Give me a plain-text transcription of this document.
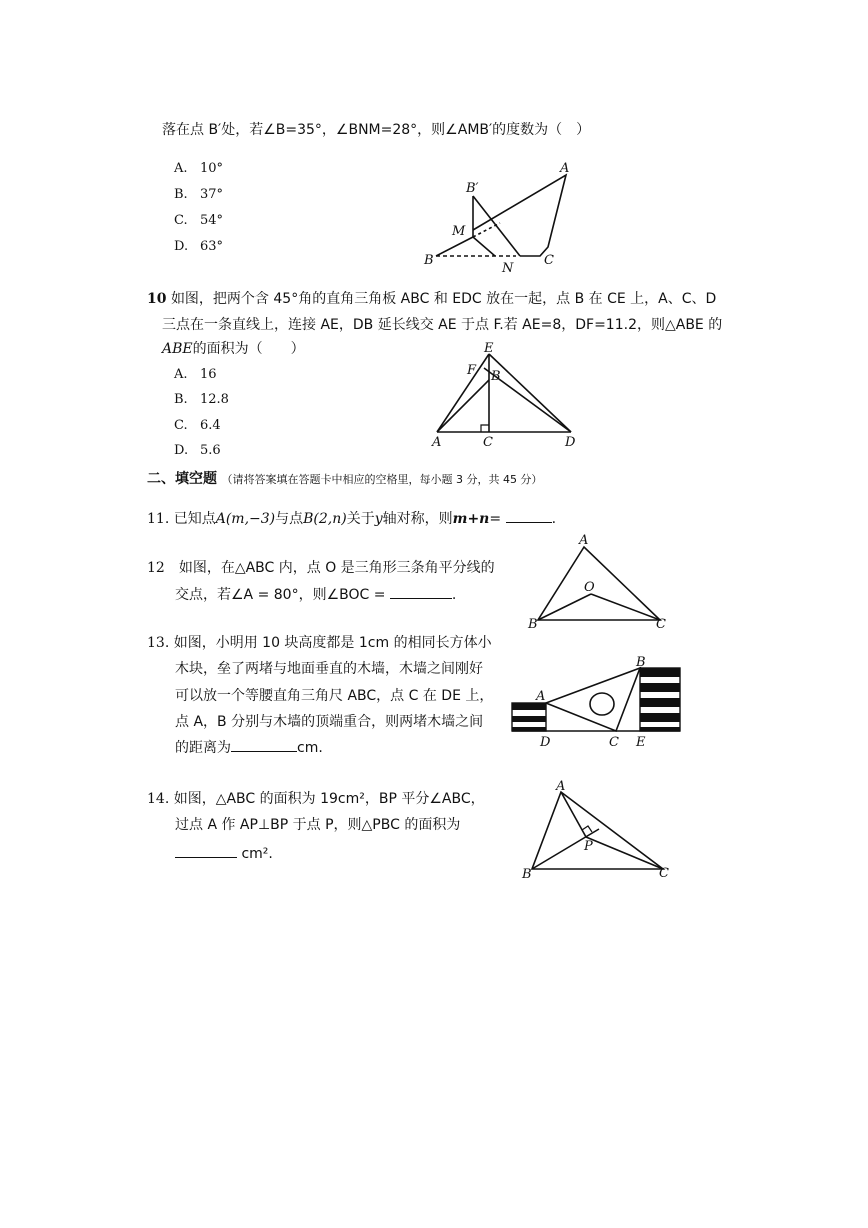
落在点 B′处，若∠B=35°，∠BNM=28°，则∠AMB′的度数为（　）
A. 10°
B. 37°
C. 54°
D. 63°
A
B′
M
B
N
C
10 如图，把两个含 45°角的直角三角板 ABC 和 EDC 放在一起，点 B 在 CE 上，A、C、D
三点在一条直线上，连接 AE，DB 延长线交 AE 于点 F.若 AE=8，DF=11.2，则△ABE 的
ABE的面积为（　　）
A. 16
B. 12.8
C. 6.4
D. 5.6
E
F B
A	C	D
二、填空题 （请将答案填在答题卡中相应的空格里，每小题 3 分，共 45 分）
11. 已知点A(m,−3)与点B(2,n)关于y轴对称，则m+n=	.
12　 如图，在△ABC 内，点 O 是三角形三条角平分线的
交点，若∠A = 80°，则∠BOC =	.
A
O
B	C
13. 如图，小明用 10 块高度都是 1cm 的相同长方体小
木块，垒了两堵与地面垂直的木墙，木墙之间刚好
可以放一个等腰直角三角尺 ABC，点 C 在 DE 上，
点 A，B 分别与木墙的顶端重合，则两堵木墙之间
的距离为	cm.
A
B
D	C E
14. 如图，△ABC 的面积为 19cm²，BP 平分∠ABC，
过点 A 作 AP⊥BP 于点 P，则△PBC 的面积为
cm².
A
P
B	C
